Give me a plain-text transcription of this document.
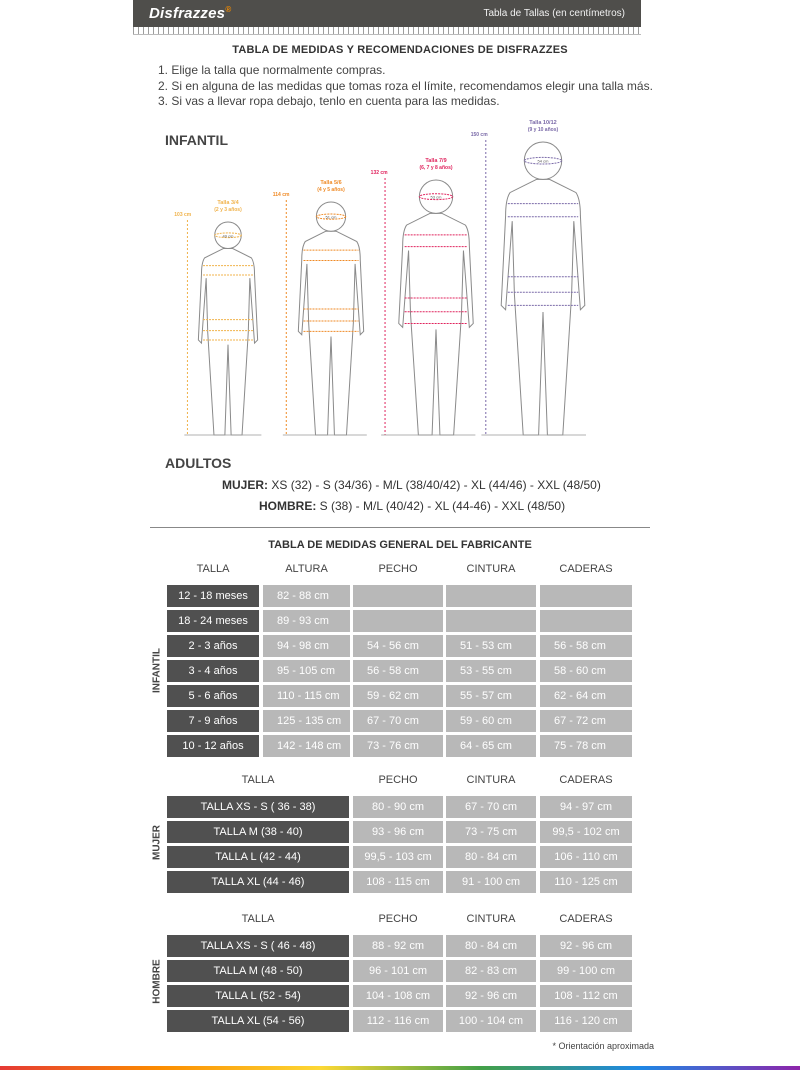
Disfrazzes®	Tabla de Tallas (en centímetros)
TABLA DE MEDIDAS Y RECOMENDACIONES DE DISFRAZZES
1. Elige la talla que normalmente compras.
2. Si en alguna de las medidas que tomas roza el límite, recomendamos elegir una talla más.
3. Si vas a llevar ropa debajo, tenlo en cuenta para las medidas.
INFANTIL
103 cm
Talla 3/4
(2 y 3 años)
49 cm
114 cm
Talla 5/6
(4 y 5 años)
51 cm
132 cm
Talla 7/9
(6, 7 y 8 años)
53 cm
150 cm
Talla 10/12
(9 y 10 años)
54 cm
ADULTOS
MUJER: XS (32) - S (34/36) - M/L (38/40/42) - XL (44/46) - XXL (48/50)
HOMBRE: S (38) - M/L (40/42) - XL (44-46) - XXL (48/50)
TABLA DE MEDIDAS GENERAL DEL FABRICANTE
TALLA	ALTURA	PECHO	CINTURA	CADERAS
12 - 18 meses	82 - 88 cm
18 - 24 meses	89 - 93 cm
2 - 3 años	94 - 98 cm	54 - 56 cm	51 - 53 cm	56 - 58 cm
3 - 4 años	95 - 105 cm	56 - 58 cm	53 - 55 cm	58 - 60 cm
5 - 6 años	110 - 115 cm	59 - 62 cm	55 - 57 cm	62 - 64 cm
7 - 9 años	125 - 135 cm	67 - 70 cm	59 - 60 cm	67 - 72 cm
10 - 12 años	142 - 148 cm	73 - 76 cm	64 - 65 cm	75 - 78 cm
INFANTIL
TALLA	PECHO	CINTURA	CADERAS
TALLA XS - S ( 36 - 38)	80 - 90 cm	67 - 70 cm	94 - 97 cm
TALLA M (38 - 40)	93 - 96 cm	73 - 75 cm	99,5 - 102 cm
TALLA L (42 - 44)	99,5 - 103 cm	80 - 84 cm	106 - 110 cm
TALLA XL (44 - 46)	108 - 115 cm	91 - 100 cm	110 - 125 cm
MUJER
TALLA	PECHO	CINTURA	CADERAS
TALLA XS - S ( 46 - 48)	88 - 92 cm	80 - 84 cm	92 - 96 cm
TALLA M (48 - 50)	96 - 101 cm	82 - 83 cm	99 - 100 cm
TALLA L (52 - 54)	104 - 108 cm	92 - 96 cm	108 - 112 cm
TALLA XL (54 - 56)	112 - 116 cm	100 - 104 cm	116 - 120 cm
HOMBRE
* Orientación aproximada
